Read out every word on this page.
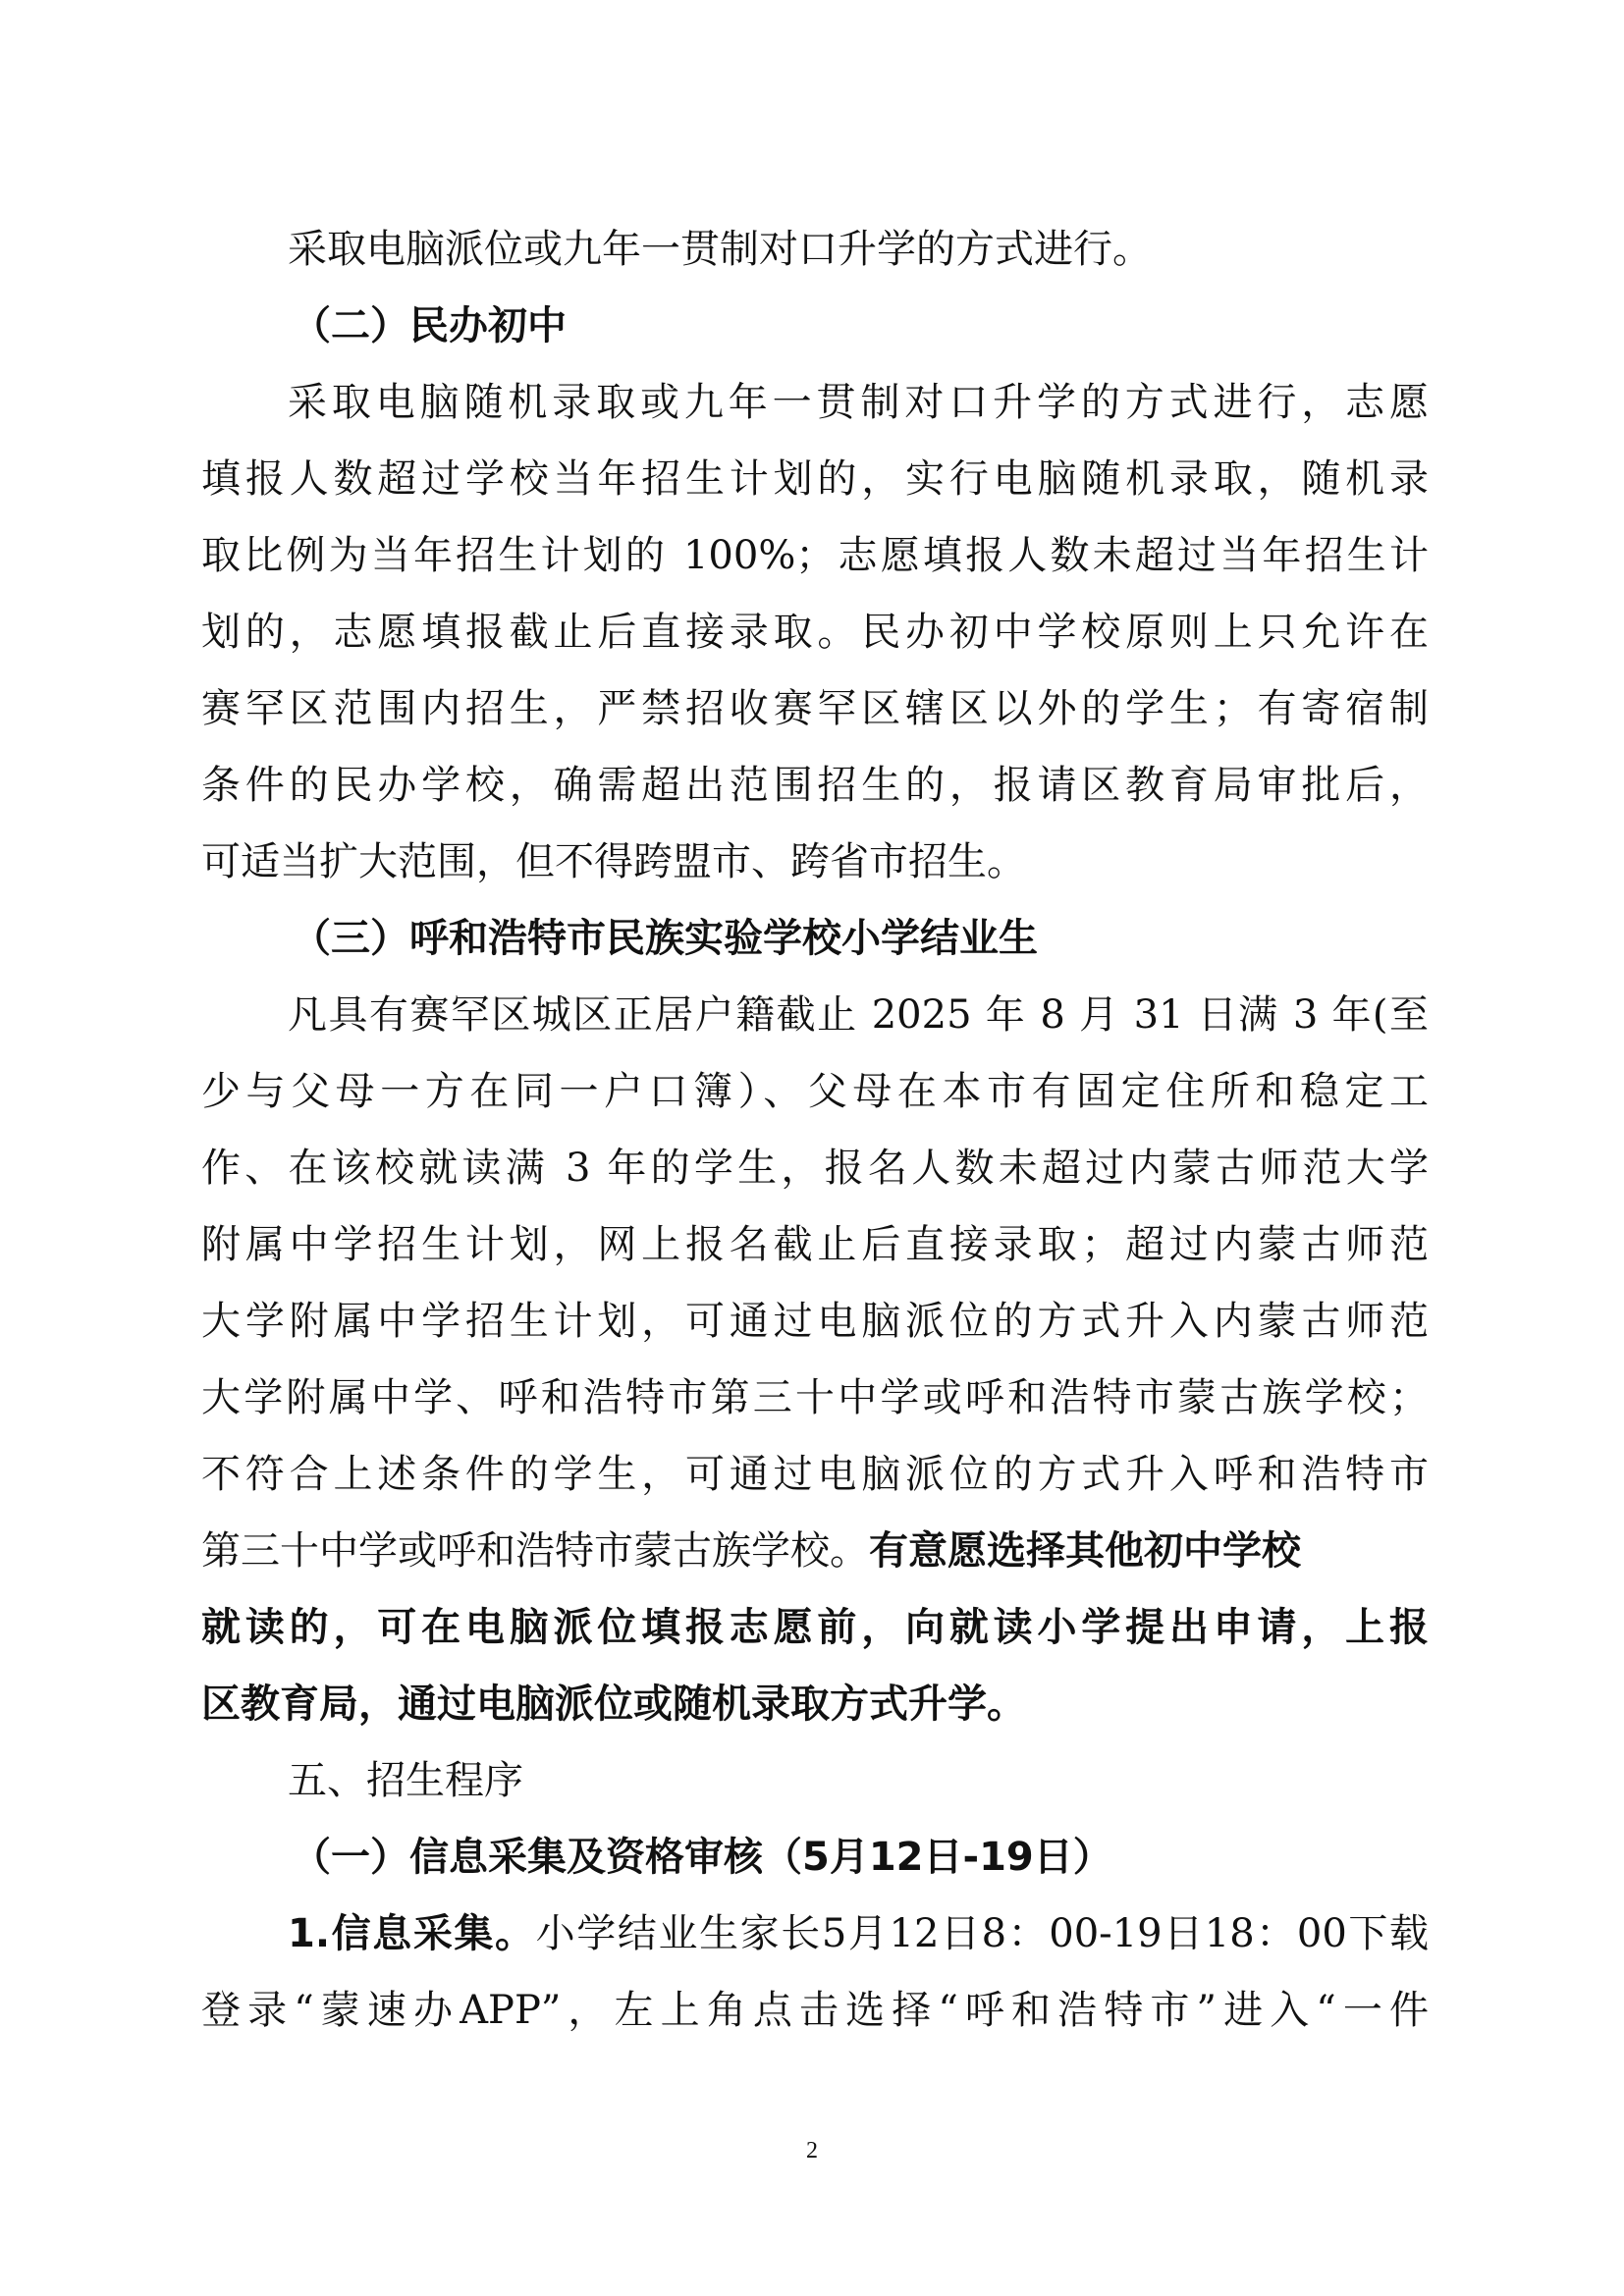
采取电脑派位或九年一贯制对口升学的方式进行。
（二）民办初中
采取电脑随机录取或九年一贯制对口升学的方式进行，志愿
填报人数超过学校当年招生计划的，实行电脑随机录取，随机录
取比例为当年招生计划的 100%；志愿填报人数未超过当年招生计
划的，志愿填报截止后直接录取。民办初中学校原则上只允许在
赛罕区范围内招生，严禁招收赛罕区辖区以外的学生；有寄宿制
条件的民办学校，确需超出范围招生的，报请区教育局审批后，
可适当扩大范围，但不得跨盟市、跨省市招生。
（三）呼和浩特市民族实验学校小学结业生
凡具有赛罕区城区正居户籍截止 2025 年 8 月 31 日满 3 年(至
少与父母一方在同一户口簿）、父母在本市有固定住所和稳定工
作、在该校就读满 3 年的学生，报名人数未超过内蒙古师范大学
附属中学招生计划，网上报名截止后直接录取；超过内蒙古师范
大学附属中学招生计划，可通过电脑派位的方式升入内蒙古师范
大学附属中学、呼和浩特市第三十中学或呼和浩特市蒙古族学校；
不符合上述条件的学生，可通过电脑派位的方式升入呼和浩特市
第三十中学或呼和浩特市蒙古族学校。有意愿选择其他初中学校
就读的，可在电脑派位填报志愿前，向就读小学提出申请，上报
区教育局，通过电脑派位或随机录取方式升学。
五、招生程序
（一）信息采集及资格审核（5月12日-19日）
1.信息采集。小学结业生家长5月12日8：00-19日18：00下载
登录“蒙速办APP”，左上角点击选择“呼和浩特市”进入“一件
2
